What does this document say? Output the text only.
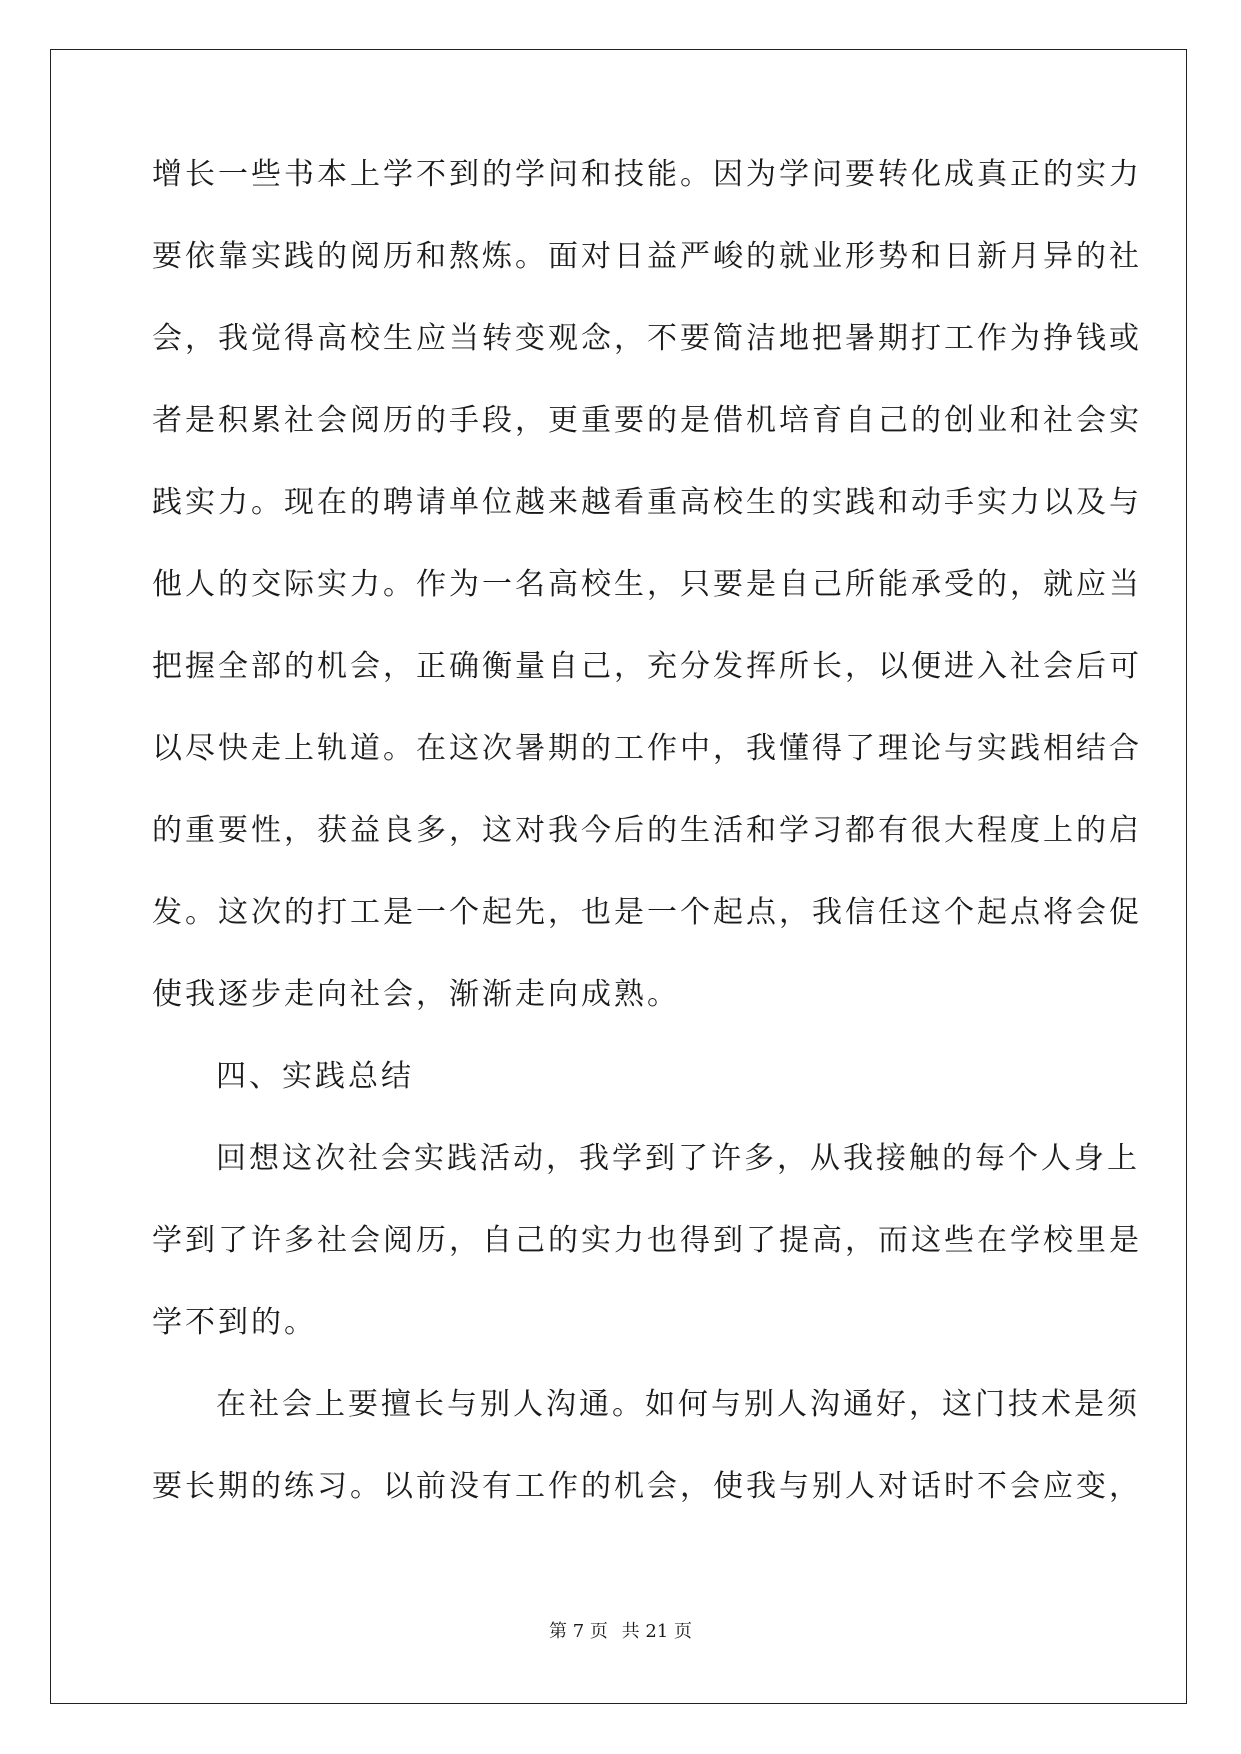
增长一些书本上学不到的学问和技能。因为学问要转化成真正的实力
要依靠实践的阅历和熬炼。面对日益严峻的就业形势和日新月异的社
会，我觉得高校生应当转变观念，不要简洁地把暑期打工作为挣钱或
者是积累社会阅历的手段，更重要的是借机培育自己的创业和社会实
践实力。现在的聘请单位越来越看重高校生的实践和动手实力以及与
他人的交际实力。作为一名高校生，只要是自己所能承受的，就应当
把握全部的机会，正确衡量自己，充分发挥所长，以便进入社会后可
以尽快走上轨道。在这次暑期的工作中，我懂得了理论与实践相结合
的重要性，获益良多，这对我今后的生活和学习都有很大程度上的启
发。这次的打工是一个起先，也是一个起点，我信任这个起点将会促
使我逐步走向社会，渐渐走向成熟。
四、实践总结
回想这次社会实践活动，我学到了许多，从我接触的每个人身上
学到了许多社会阅历，自己的实力也得到了提高，而这些在学校里是
学不到的。
在社会上要擅长与别人沟通。如何与别人沟通好，这门技术是须
要长期的练习。以前没有工作的机会，使我与别人对话时不会应变，
第 7 页 共 21 页
